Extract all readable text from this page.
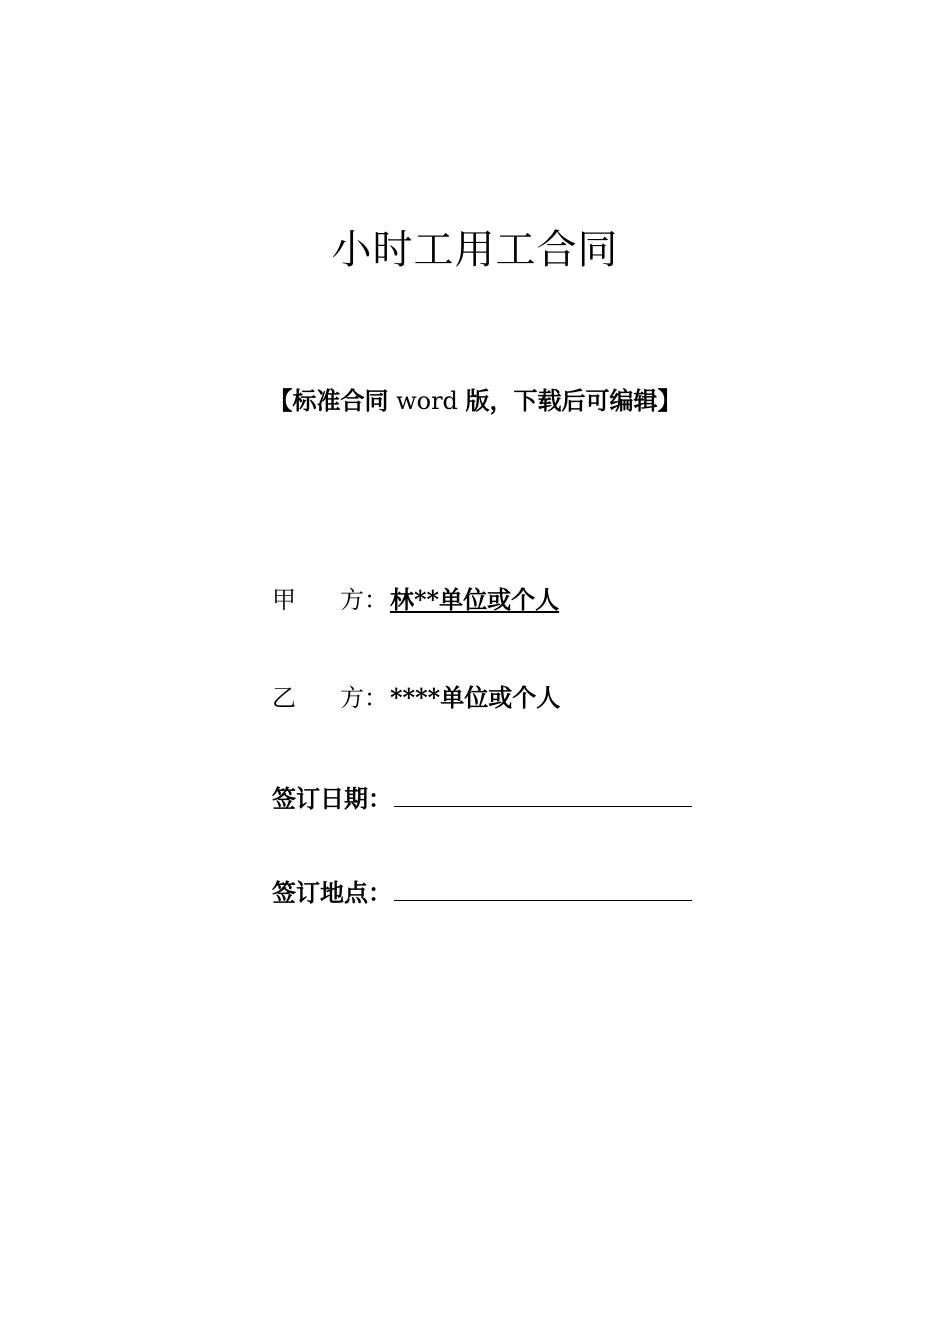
小时工用工合同
【标准合同 word 版，下载后可编辑】
甲 方：林**单位或个人
乙 方：****单位或个人
签订日期：
签订地点：
